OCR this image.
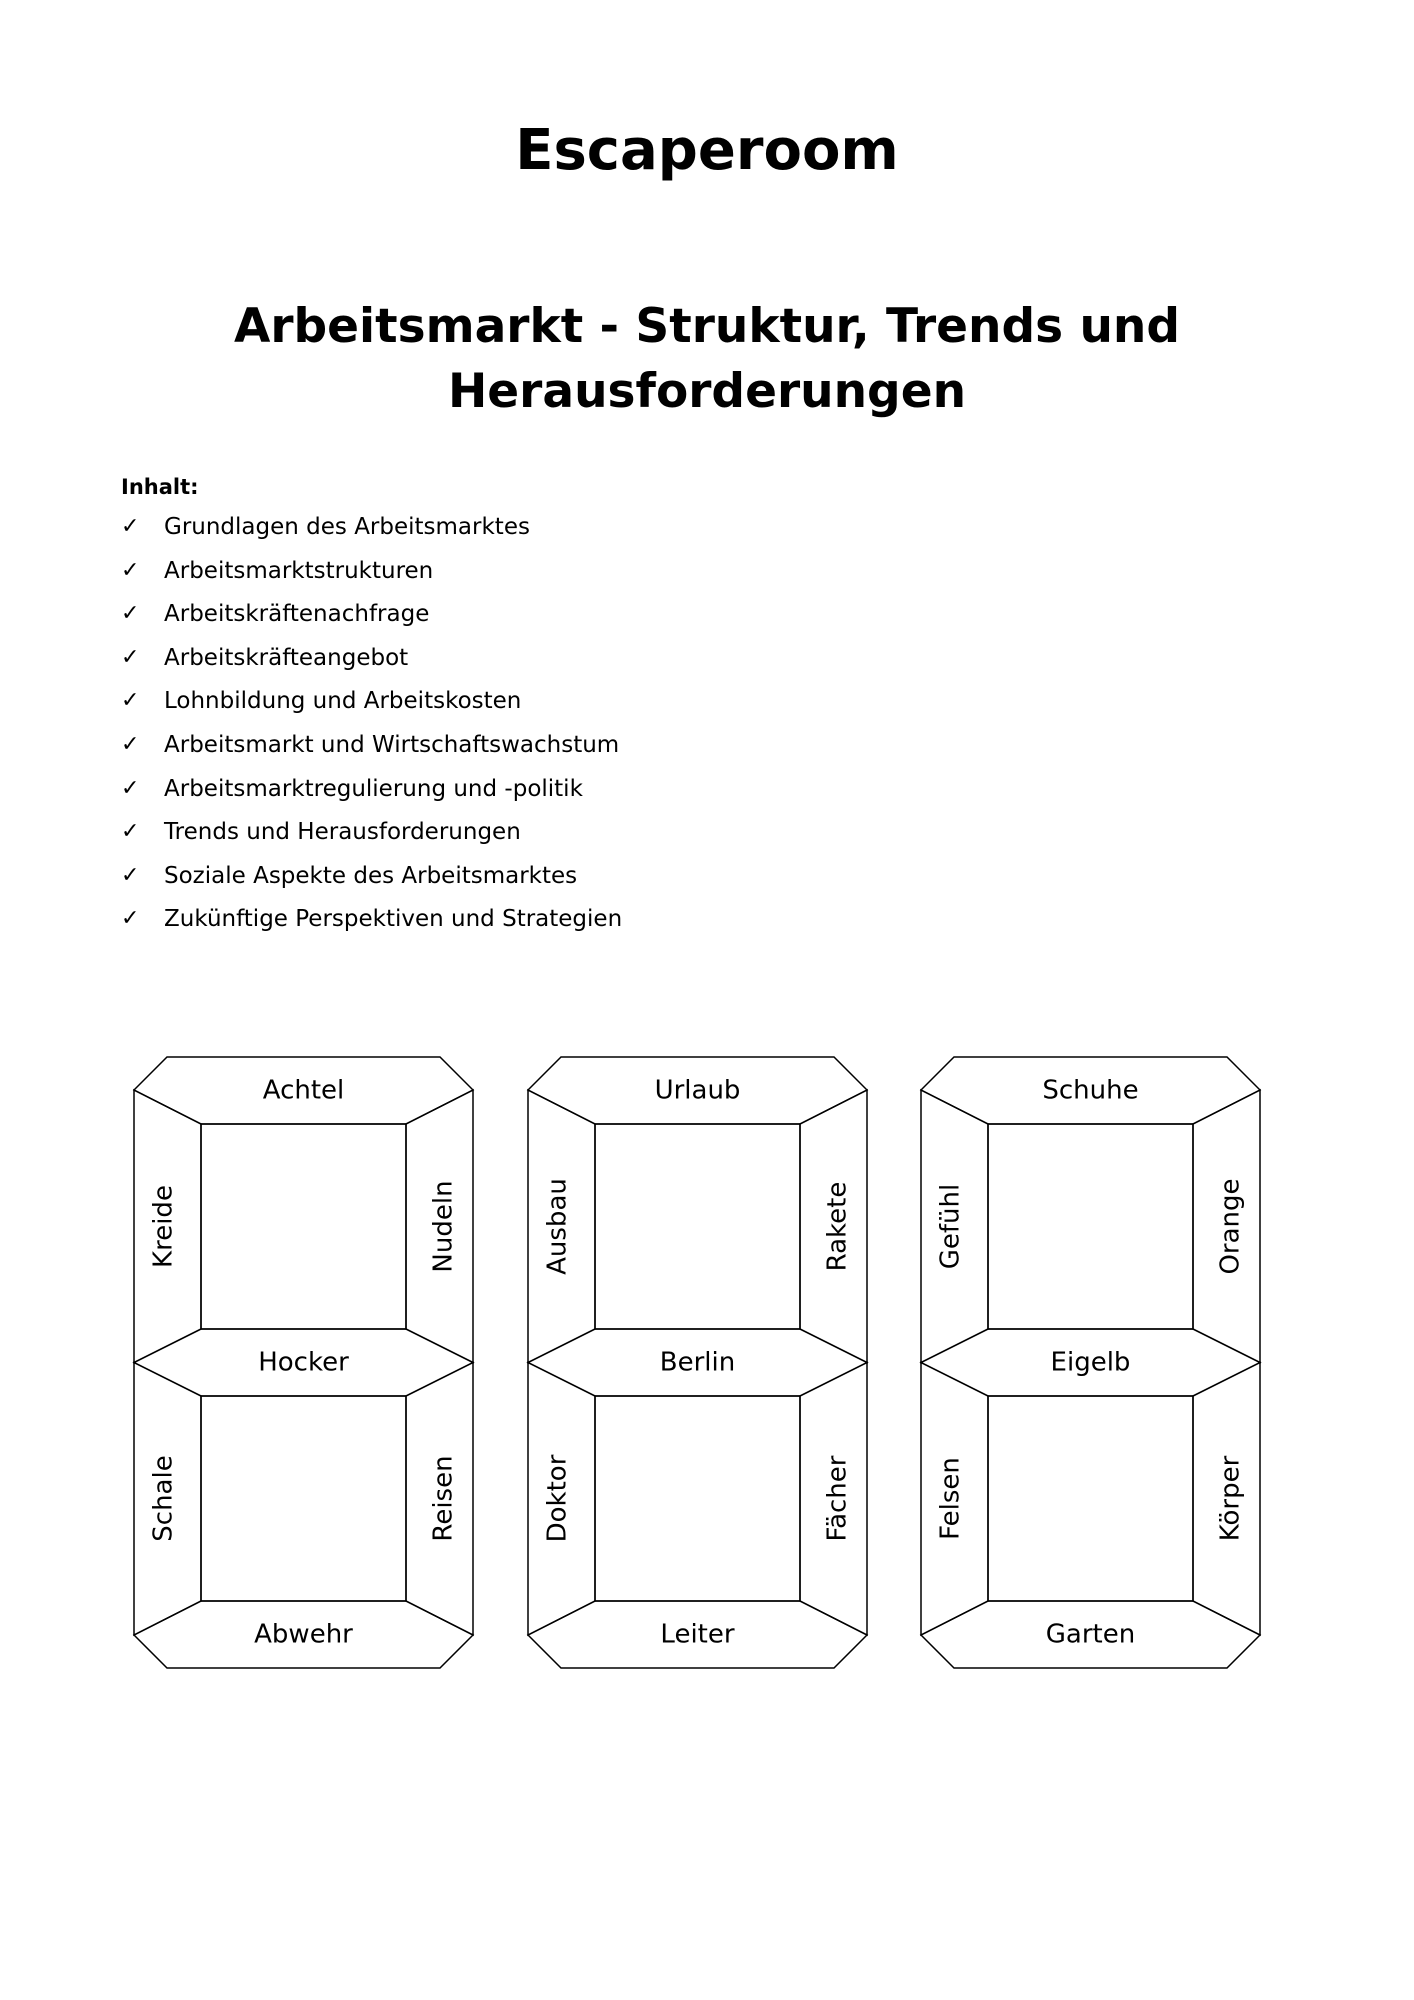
Escaperoom
Arbeitsmarkt - Struktur, Trends und
Herausforderungen
Inhalt:
✓ Grundlagen des Arbeitsmarktes
✓ Arbeitsmarktstrukturen
✓ Arbeitskräftenachfrage
✓ Arbeitskräfteangebot
✓ Lohnbildung und Arbeitskosten
✓ Arbeitsmarkt und Wirtschaftswachstum
✓ Arbeitsmarktregulierung und -politik
✓ Trends und Herausforderungen
✓ Soziale Aspekte des Arbeitsmarktes
✓ Zukünftige Perspektiven und Strategien
Achtel
Hocker
Abwehr
Kreide	Nudeln
Schale	Reisen
Urlaub
Berlin
Leiter
Ausbau	Rakete
Doktor	Fächer
Schuhe
Eigelb
Garten
Gefühl	Orange
Felsen	Körper
